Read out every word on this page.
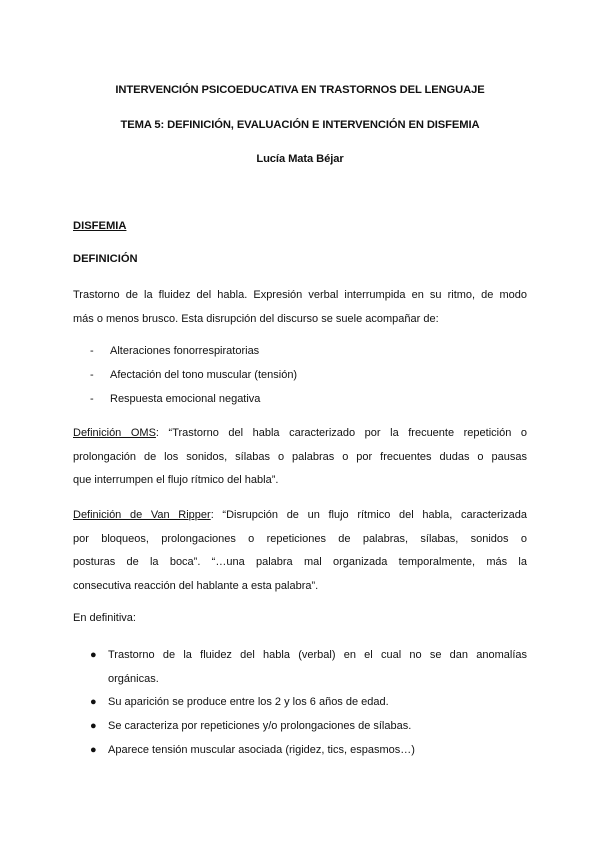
INTERVENCIÓN PSICOEDUCATIVA EN TRASTORNOS DEL LENGUAJE
TEMA 5: DEFINICIÓN, EVALUACIÓN E INTERVENCIÓN EN DISFEMIA
Lucía Mata Béjar
DISFEMIA
DEFINICIÓN
Trastorno de la fluidez del habla. Expresión verbal interrumpida en su ritmo, de modo
más o menos brusco. Esta disrupción del discurso se suele acompañar de:
- Alteraciones fonorrespiratorias
- Afectación del tono muscular (tensión)
- Respuesta emocional negativa
Definición OMS: “Trastorno del habla caracterizado por la frecuente repetición o
prolongación de los sonidos, sílabas o palabras o por frecuentes dudas o pausas
que interrumpen el flujo rítmico del habla”.
Definición de Van Ripper: “Disrupción de un flujo rítmico del habla, caracterizada
por bloqueos, prolongaciones o repeticiones de palabras, sílabas, sonidos o
posturas de la boca”. “…una palabra mal organizada temporalmente, más la
consecutiva reacción del hablante a esta palabra”.
En definitiva:
● Trastorno de la fluidez del habla (verbal) en el cual no se dan anomalías
orgánicas.
● Su aparición se produce entre los 2 y los 6 años de edad.
● Se caracteriza por repeticiones y/o prolongaciones de sílabas.
● Aparece tensión muscular asociada (rigidez, tics, espasmos…)
